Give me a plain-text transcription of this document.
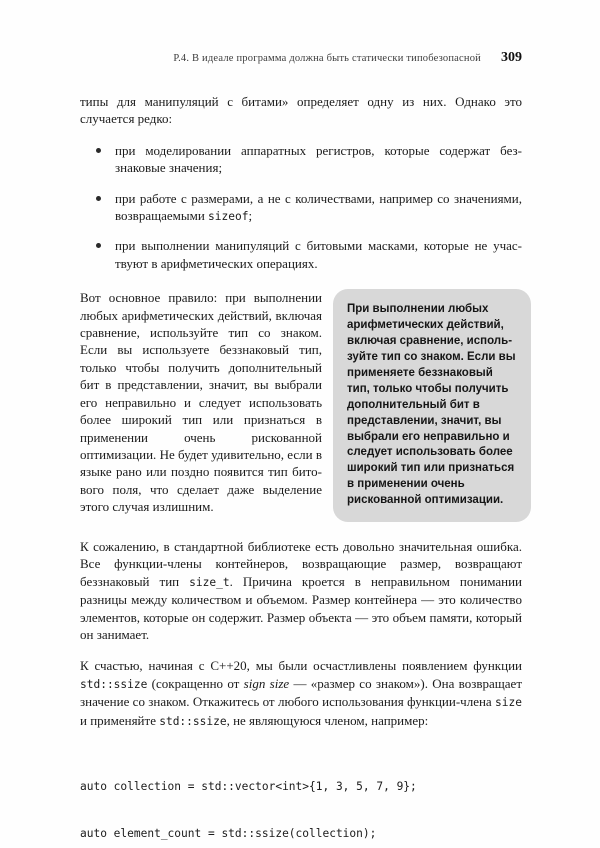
Р.4. В идеале программа должна быть статически типобезопасной 309

типы для манипуляций с битами» определяет одну из них. Однако это случается редко:

при моделировании аппаратных регистров, которые содержат беззнаковые значения;
при работе с размерами, а не с количествами, например со значениями, возвращаемыми sizeof;
при выполнении манипуляций с битовыми масками, которые не участвуют в арифметических операциях.

Вот основное правило: при выполнении любых арифметических действий, включая сравнение, используйте тип со знаком. Если вы используете беззнаковый тип, только чтобы получить дополнительный бит в представлении, значит, вы выбрали его неправильно и следует использовать более широкий тип или признаться в применении очень рискованной оптимизации. Не будет удивительно, если в языке рано или поздно появится тип битового поля, что сделает даже выделение этого случая излишним.

При выполнении любых арифметических действий, включая сравнение, используйте тип со знаком. Если вы применяете беззнаковый тип, только чтобы получить дополнительный бит в представлении, значит, вы выбрали его неправильно и следует использовать более широкий тип или признаться в применении очень рискованной оптимизации.

К сожалению, в стандартной библиотеке есть довольно значительная ошибка. Все функции-члены контейнеров, возвращающие размер, возвращают беззнаковый тип size_t. Причина кроется в неправильном понимании разницы между количеством и объемом. Размер контейнера — это количество элементов, которые он содержит. Размер объекта — это объем памяти, который он занимает.

К счастью, начиная с C++20, мы были осчастливлены появлением функции std::ssize (сокращенно от sign size — «размер со знаком»). Она возвращает значение со знаком. Откажитесь от любого использования функции-члена size и применяйте std::ssize, не являющуюся членом, например:

auto collection = std::vector<int>{1, 3, 5, 7, 9};

auto element_count = std::ssize(collection);
